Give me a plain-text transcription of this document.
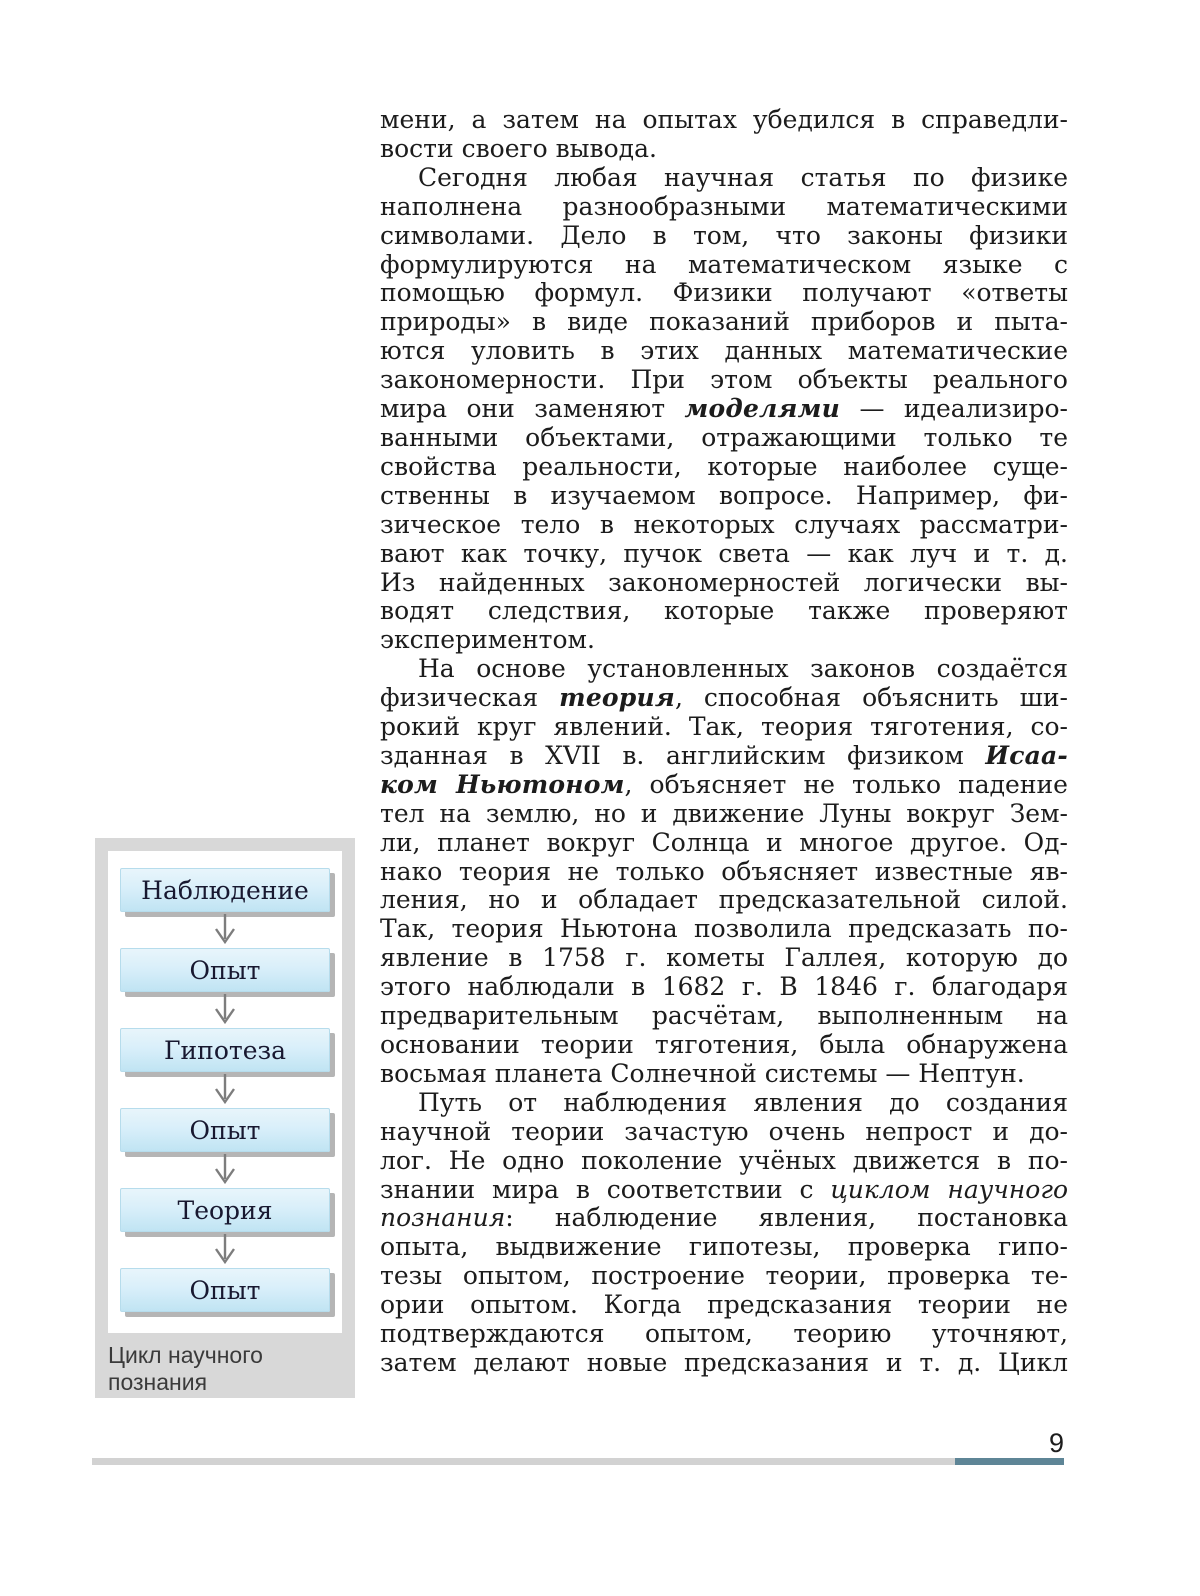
мени, а затем на опытах убедился в справедли-
вости своего вывода.
Сегодня любая научная статья по физике
наполнена разнообразными математическими
символами. Дело в том, что законы физики
формулируются на математическом языке с
помощью формул. Физики получают «ответы
природы» в виде показаний приборов и пыта-
ются уловить в этих данных математические
закономерности. При этом объекты реального
мира они заменяют моделями — идеализиро-
ванными объектами, отражающими только те
свойства реальности, которые наиболее суще-
ственны в изучаемом вопросе. Например, фи-
зическое тело в некоторых случаях рассматри-
вают как точку, пучок света — как луч и т. д.
Из найденных закономерностей логически вы-
водят следствия, которые также проверяют
экспериментом.
На основе установленных законов создаётся
физическая теория, способная объяснить ши-
рокий круг явлений. Так, теория тяготения, со-
зданная в XVII в. английским физиком Исаа-
ком Ньютоном, объясняет не только падение
тел на землю, но и движение Луны вокруг Зем-
ли, планет вокруг Солнца и многое другое. Од-
нако теория не только объясняет известные яв-
ления, но и обладает предсказательной силой.
Так, теория Ньютона позволила предсказать по-
явление в 1758 г. кометы Галлея, которую до
этого наблюдали в 1682 г. В 1846 г. благодаря
предварительным расчётам, выполненным на
основании теории тяготения, была обнаружена
восьмая планета Солнечной системы — Нептун.
Путь от наблюдения явления до создания
научной теории зачастую очень непрост и до-
лог. Не одно поколение учёных движется в по-
знании мира в соответствии с циклом научного
познания: наблюдение явления, постановка
опыта, выдвижение гипотезы, проверка гипо-
тезы опытом, построение теории, проверка те-
ории опытом. Когда предсказания теории не
подтверждаются опытом, теорию уточняют,
затем делают новые предсказания и т. д. Цикл
Наблюдение
Опыт
Гипотеза
Опыт
Теория
Опыт
Цикл научного
познания
9
